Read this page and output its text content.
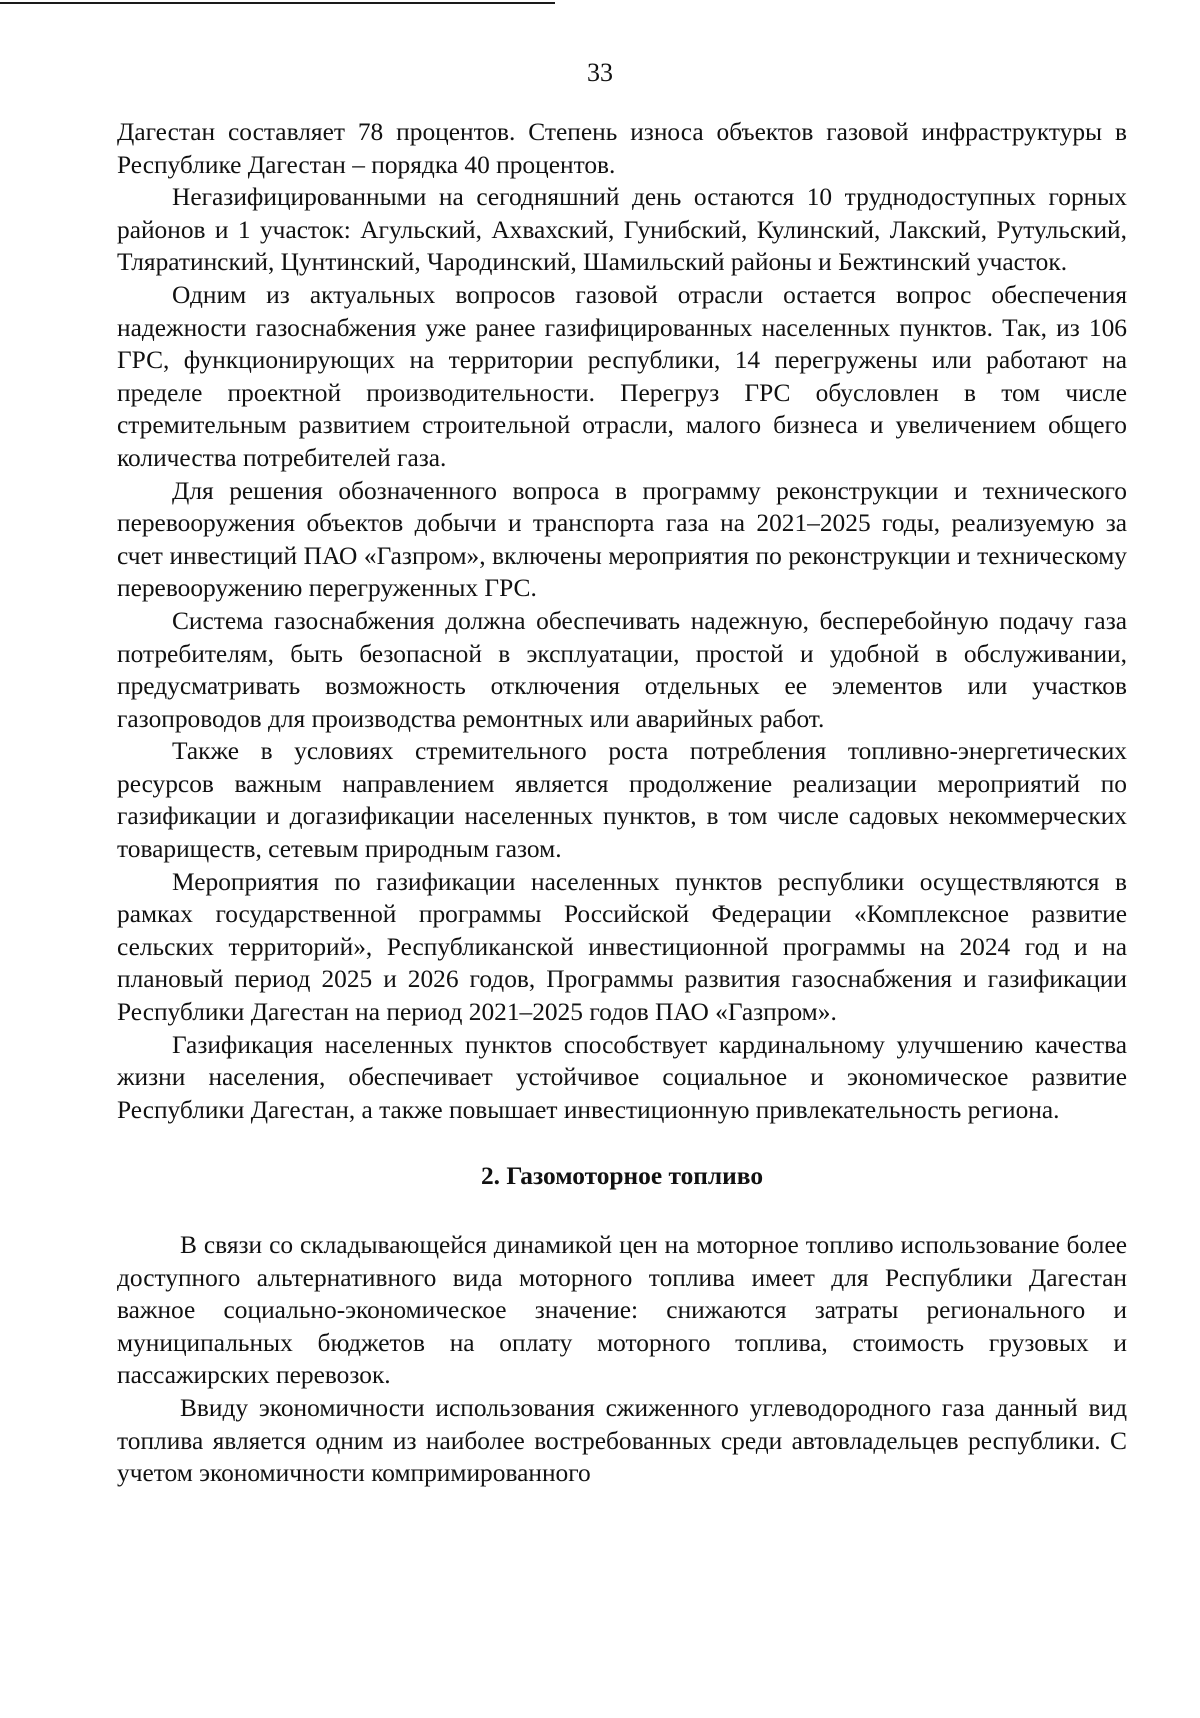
33

Дагестан составляет 78 процентов. Степень износа объектов газовой инфраструктуры в Республике Дагестан – порядка 40 процентов.

Негазифицированными на сегодняшний день остаются 10 труднодоступных горных районов и 1 участок: Агульский, Ахвахский, Гунибский, Кулинский, Лакский, Рутульский, Тляратинский, Цунтинский, Чародинский, Шамильский районы и Бежтинский участок.

Одним из актуальных вопросов газовой отрасли остается вопрос обеспечения надежности газоснабжения уже ранее газифицированных населенных пунктов. Так, из 106 ГРС, функционирующих на территории республики, 14 перегружены или работают на пределе проектной производительности. Перегруз ГРС обусловлен в том числе стремительным развитием строительной отрасли, малого бизнеса и увеличением общего количества потребителей газа.

Для решения обозначенного вопроса в программу реконструкции и технического перевооружения объектов добычи и транспорта газа на 2021–2025 годы, реализуемую за счет инвестиций ПАО «Газпром», включены мероприятия по реконструкции и техническому перевооружению перегруженных ГРС.

Система газоснабжения должна обеспечивать надежную, бесперебойную подачу газа потребителям, быть безопасной в эксплуатации, простой и удобной в обслуживании, предусматривать возможность отключения отдельных ее элементов или участков газопроводов для производства ремонтных или аварийных работ.

Также в условиях стремительного роста потребления топливно-энергетических ресурсов важным направлением является продолжение реализации мероприятий по газификации и догазификации населенных пунктов, в том числе садовых некоммерческих товариществ, сетевым природным газом.

Мероприятия по газификации населенных пунктов республики осуществляются в рамках государственной программы Российской Федерации «Комплексное развитие сельских территорий», Республиканской инвестиционной программы на 2024 год и на плановый период 2025 и 2026 годов, Программы развития газоснабжения и газификации Республики Дагестан на период 2021–2025 годов ПАО «Газпром».

Газификация населенных пунктов способствует кардинальному улучшению качества жизни населения, обеспечивает устойчивое социальное и экономическое развитие Республики Дагестан, а также повышает инвестиционную привлекательность региона.

2. Газомоторное топливо

В связи со складывающейся динамикой цен на моторное топливо использование более доступного альтернативного вида моторного топлива имеет для Республики Дагестан важное социально-экономическое значение: снижаются затраты регионального и муниципальных бюджетов на оплату моторного топлива, стоимость грузовых и пассажирских перевозок.

Ввиду экономичности использования сжиженного углеводородного газа данный вид топлива является одним из наиболее востребованных среди автовладельцев республики. С учетом экономичности компримированного
